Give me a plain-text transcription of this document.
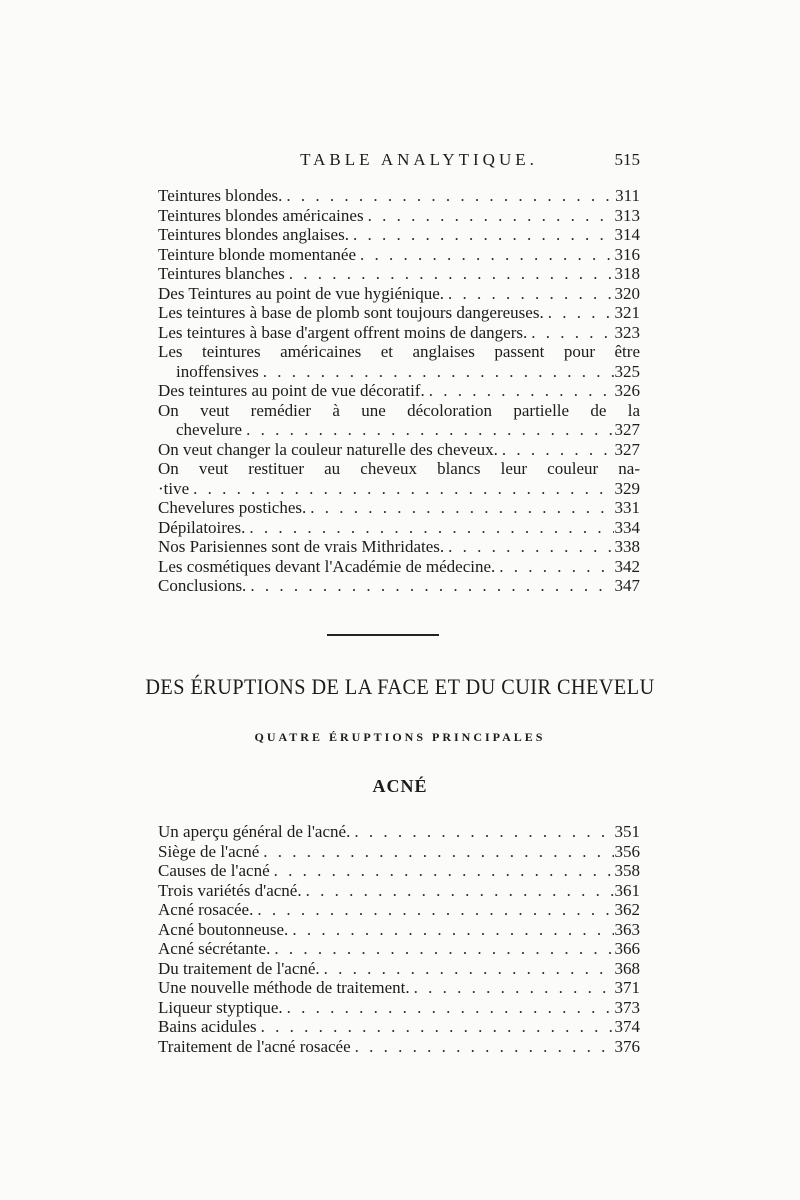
TABLE ANALYTIQUE.	515
Teintures blondes. . . .	311
Teintures blondes américaines . . .	313
Teintures blondes anglaises. . . .	314
Teinture blonde momentanée . . .	316
Teintures blanches . . .	318
Des Teintures au point de vue hygiénique. . . .	320
Les teintures à base de plomb sont toujours dangereuses. . . .	321
Les teintures à base d'argent offrent moins de dangers. . . .	323
Les teintures américaines et anglaises passent pour être
inoffensives . . .	325
Des teintures au point de vue décoratif. . . .	326
On veut remédier à une décoloration partielle de la
chevelure . . .	327
On veut changer la couleur naturelle des cheveux. . . .	327
On veut restituer au cheveux blancs leur couleur na-
·tive . . .	329
Chevelures postiches. . . .	331
Dépilatoires. . . .	334
Nos Parisiennes sont de vrais Mithridates. . . .	338
Les cosmétiques devant l'Académie de médecine. . . .	342
Conclusions. . . .	347
DES ÉRUPTIONS DE LA FACE ET DU CUIR CHEVELU
QUATRE ÉRUPTIONS PRINCIPALES
ACNÉ
Un aperçu général de l'acné. . . .	351
Siège de l'acné . . .	356
Causes de l'acné . . .	358
Trois variétés d'acné. . . .	361
Acné rosacée. . . .	362
Acné boutonneuse. . . .	363
Acné sécrétante. . . .	366
Du traitement de l'acné. . . .	368
Une nouvelle méthode de traitement. . . .	371
Liqueur styptique. . . .	373
Bains acidules . . .	374
Traitement de l'acné rosacée . . .	376
